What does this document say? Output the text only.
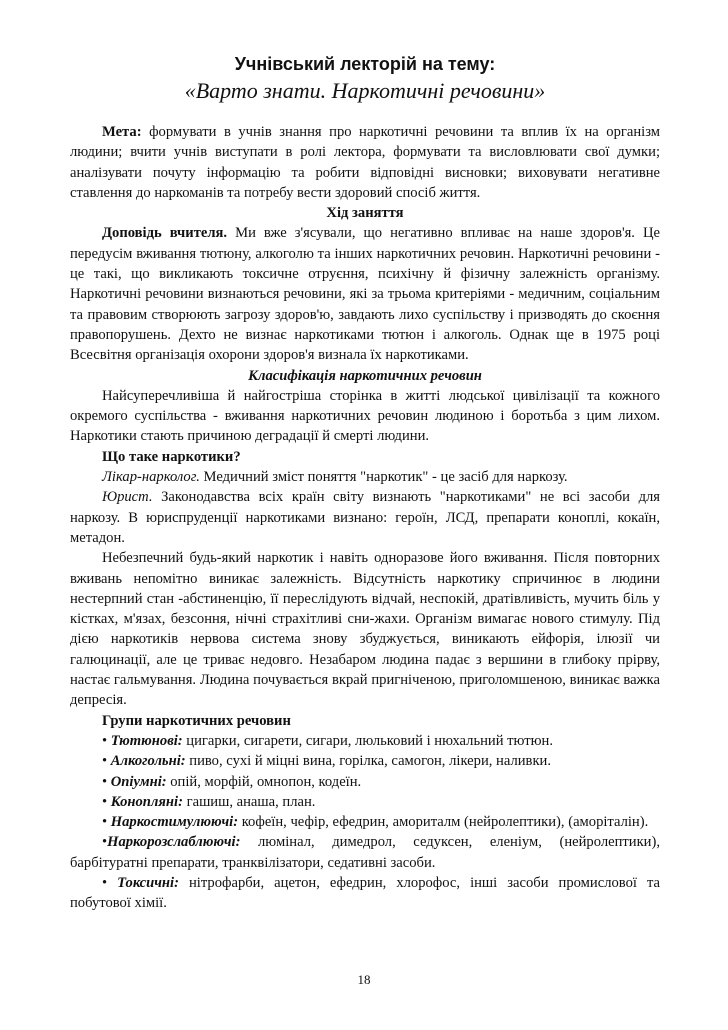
Учнівський лекторій на тему:

«Варто знати. Наркотичні речовини»

Мета: формувати в учнів знання про наркотичні речовини та вплив їх на організм людини; вчити учнів виступати в ролі лектора, формувати та висловлювати свої думки; аналізувати почуту інформацію та робити відповідні висновки; виховувати негативне ставлення до наркоманів та потребу вести здоровий спосіб життя.

Хід заняття

Доповідь вчителя. Ми вже з'ясували, що негативно впливає на наше здоров'я. Це передусім вживання тютюну, алкоголю та інших наркотичних речовин. Наркотичні речовини - це такі, що викликають токсичне отруєння, психічну й фізичну залежність організму. Наркотичні речовини визнаються речовини, які за трьома критеріями - медичним, соціальним та правовим створюють загрозу здоров'ю, завдають лихо суспільству і призводять до скоєння правопорушень. Дехто не визнає наркотиками тютюн і алкоголь. Однак ще в 1975 році Всесвітня організація охорони здоров'я визнала їх наркотиками.

Класифікація наркотичних речовин

Найсуперечливіша й найгостріша сторінка в житті людської цивілізації та кожного окремого суспільства - вживання наркотичних речовин людиною і боротьба з цим лихом. Наркотики стають причиною деградації й смерті людини.

Що таке наркотики?

Лікар-нарколог. Медичний зміст поняття "наркотик" - це засіб для наркозу.

Юрист. Законодавства всіх країн світу визнають "наркотиками" не всі засоби для наркозу. В юриспруденції наркотиками визнано: героїн, ЛСД, препарати коноплі, кокаїн, метадон.

Небезпечний будь-який наркотик і навіть одноразове його вживання. Після повторних вживань непомітно виникає залежність. Відсутність наркотику спричинює в людини нестерпний стан -абстиненцію, її переслідують відчай, неспокій, дратівливість, мучить біль у кістках, м'язах, безсоння, нічні страхітливі сни-жахи. Організм вимагає нового стимулу. Під дією наркотиків нервова система знову збуджується, виникають ейфорія, ілюзії чи галюцинації, але це триває недовго. Незабаром людина падає з вершини в глибоку прірву, настає гальмування. Людина почувається вкрай пригніченою, приголомшеною, виникає важка депресія.

Групи наркотичних речовин

• Тютюнові: цигарки, сигарети, сигари, люльковий і нюхальний тютюн.

• Алкогольні: пиво, сухі й міцні вина, горілка, самогон, лікери, наливки.

• Опіумні: опій, морфій, омнопон, кодеїн.

• Конопляні: гашиш, анаша, план.

• Наркостимулюючі: кофеїн, чефір, ефедрин, амориталм (нейролептики), (аморіталін).

•Наркорозслаблюючі: люмінал, димедрол, седуксен, еленіум, (нейролептики), барбітуратні препарати, транквілізатори, седативні засоби.

• Токсичні: нітрофарби, ацетон, ефедрин, хлорофос, інші засоби промислової та побутової хімії.

18
